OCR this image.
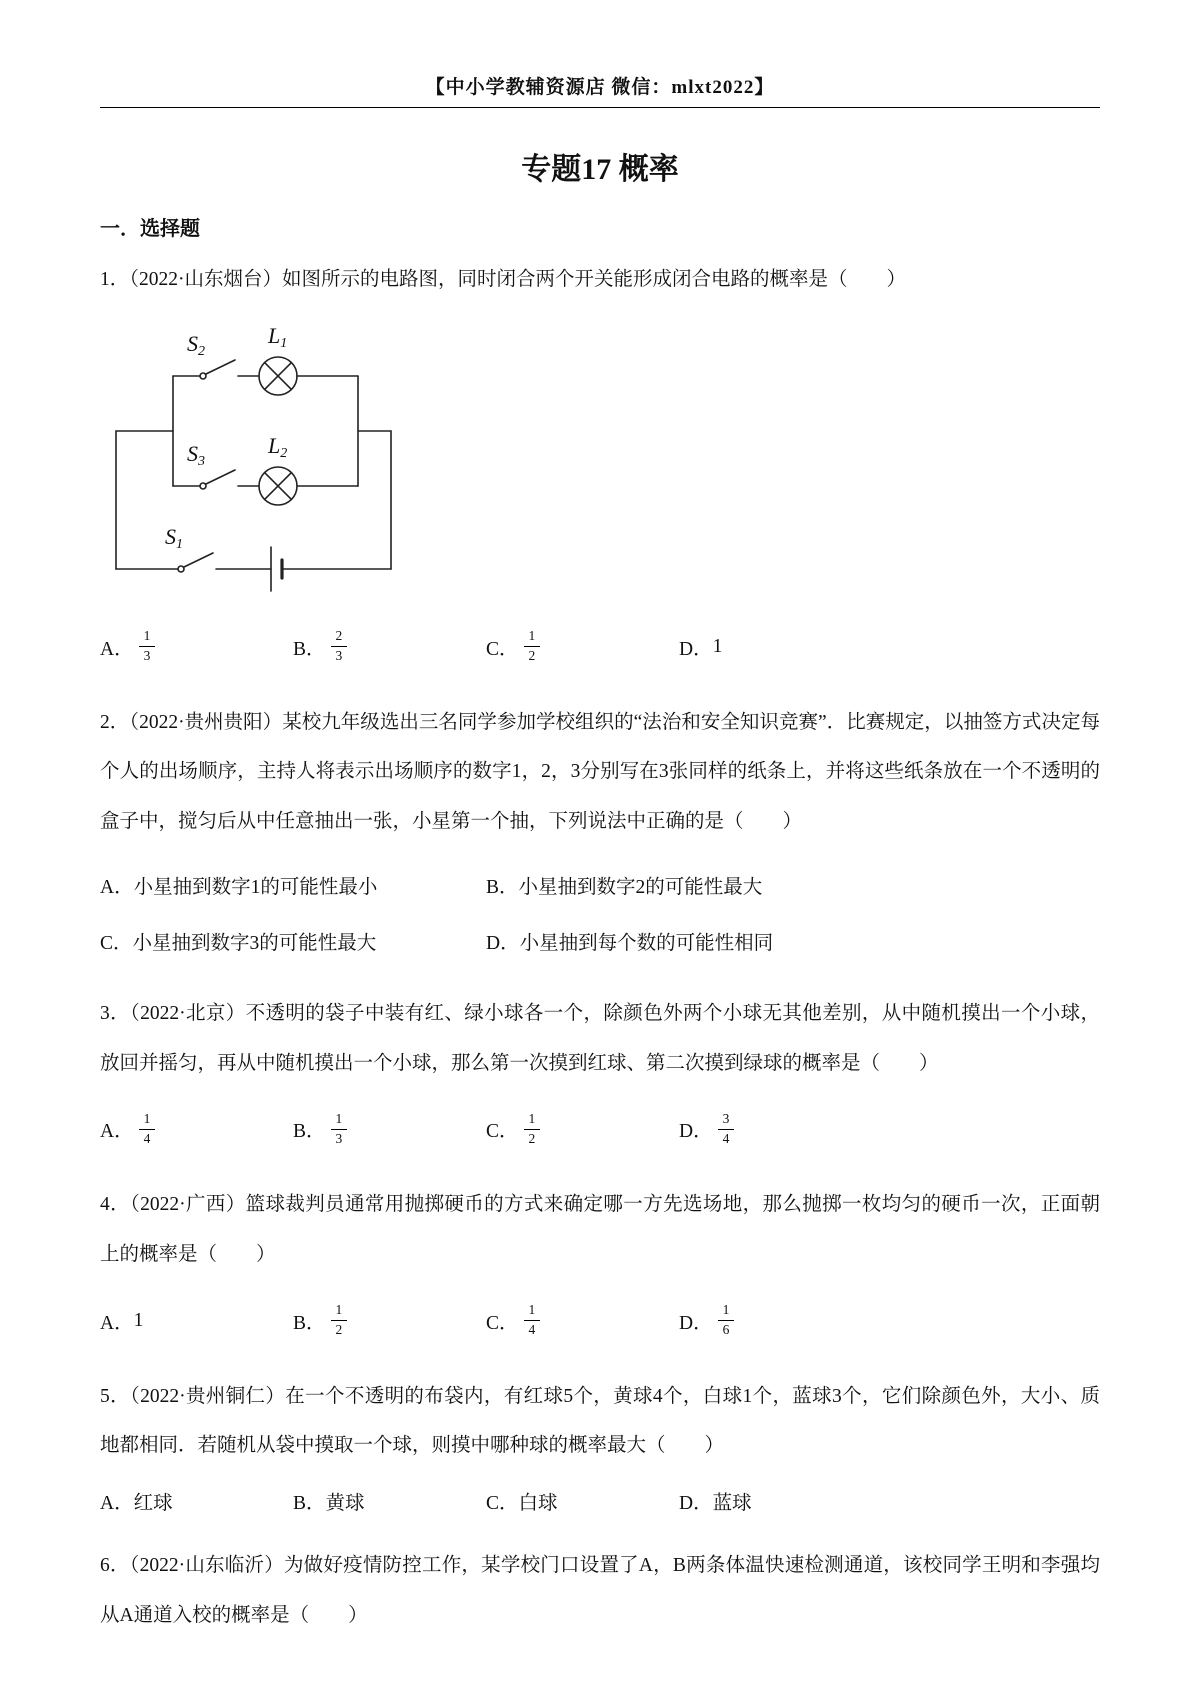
【中小学教辅资源店 微信：mlxt2022】
专题17 概率
一．选择题

1．（2022·山东烟台）如图所示的电路图，同时闭合两个开关能形成闭合电路的概率是（　　）

S2
L1
S3
L2
S1
A． $\frac{1}{3}$	B． $\frac{2}{3}$	C． $\frac{1}{2}$	D． 1

2．（2022·贵州贵阳）某校九年级选出三名同学参加学校组织的“法治和安全知识竞赛”．比赛规定，以抽签方式决定每个人的出场顺序，主持人将表示出场顺序的数字1，2，3分别写在3张同样的纸条上，并将这些纸条放在一个不透明的盒子中，搅匀后从中任意抽出一张，小星第一个抽，下列说法中正确的是（　　）

A． 小星抽到数字1的可能性最小	B． 小星抽到数字2的可能性最大
C． 小星抽到数字3的可能性最大	D． 小星抽到每个数的可能性相同

3．（2022·北京）不透明的袋子中装有红、绿小球各一个，除颜色外两个小球无其他差别，从中随机摸出一个小球，放回并摇匀，再从中随机摸出一个小球，那么第一次摸到红球、第二次摸到绿球的概率是（　　）

A． $\frac{1}{4}$	B． $\frac{1}{3}$	C． $\frac{1}{2}$	D． $\frac{3}{4}$

4．（2022·广西）篮球裁判员通常用抛掷硬币的方式来确定哪一方先选场地，那么抛掷一枚均匀的硬币一次，正面朝上的概率是（　　）

A． 1	B． $\frac{1}{2}$	C． $\frac{1}{4}$	D． $\frac{1}{6}$

5．（2022·贵州铜仁）在一个不透明的布袋内，有红球5个，黄球4个，白球1个，蓝球3个，它们除颜色外，大小、质地都相同．若随机从袋中摸取一个球，则摸中哪种球的概率最大（　　）

A． 红球	B． 黄球	C． 白球	D． 蓝球

6．（2022·山东临沂）为做好疫情防控工作，某学校门口设置了A，B两条体温快速检测通道，该校同学王明和李强均从A通道入校的概率是（　　）
